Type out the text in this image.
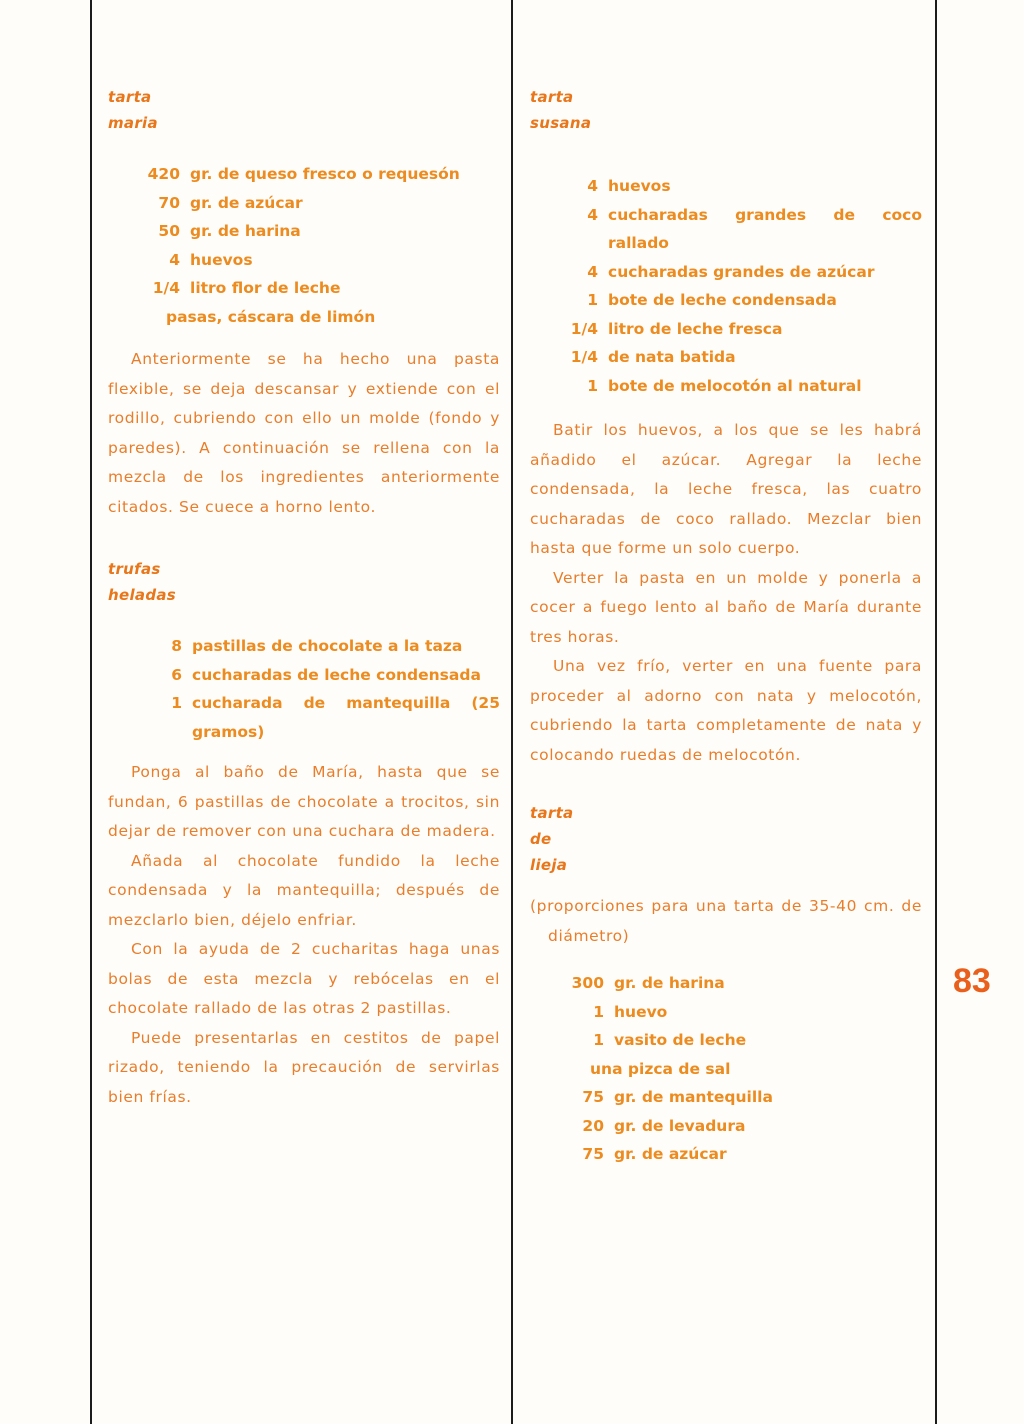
tarta
maria
420 gr. de queso fresco o requesón
70 gr. de azúcar
50 gr. de harina
4 huevos
1/4 litro flor de leche
pasas, cáscara de limón

Anteriormente se ha hecho una pasta flexible, se deja descansar y extiende con el rodillo, cubriendo con ello un molde (fondo y paredes). A continuación se rellena con la mezcla de los ingredientes anteriormente citados. Se cuece a horno lento.

trufas
heladas
8 pastillas de chocolate a la taza
6 cucharadas de leche condensada
1 cucharada de mantequilla (25 gramos)

Ponga al baño de María, hasta que se fundan, 6 pastillas de chocolate a trocitos, sin dejar de remover con una cuchara de madera.

Añada al chocolate fundido la leche condensada y la mantequilla; después de mezclarlo bien, déjelo enfriar.

Con la ayuda de 2 cucharitas haga unas bolas de esta mezcla y rebócelas en el chocolate rallado de las otras 2 pastillas.

Puede presentarlas en cestitos de papel rizado, teniendo la precaución de servirlas bien frías.

tarta
susana
4 huevos
4 cucharadas grandes de coco rallado
4 cucharadas grandes de azúcar
1 bote de leche condensada
1/4 litro de leche fresca
1/4 de nata batida
1 bote de melocotón al natural

Batir los huevos, a los que se les habrá añadido el azúcar. Agregar la leche condensada, la leche fresca, las cuatro cucharadas de coco rallado. Mezclar bien hasta que forme un solo cuerpo.

Verter la pasta en un molde y ponerla a cocer a fuego lento al baño de María durante tres horas.

Una vez frío, verter en una fuente para proceder al adorno con nata y melocotón, cubriendo la tarta completamente de nata y colocando ruedas de melocotón.

tarta
de
lieja

(proporciones para una tarta de 35-40 cm. de diámetro)

300 gr. de harina
1 huevo
1 vasito de leche
una pizca de sal
75 gr. de mantequilla
20 gr. de levadura
75 gr. de azúcar
83
